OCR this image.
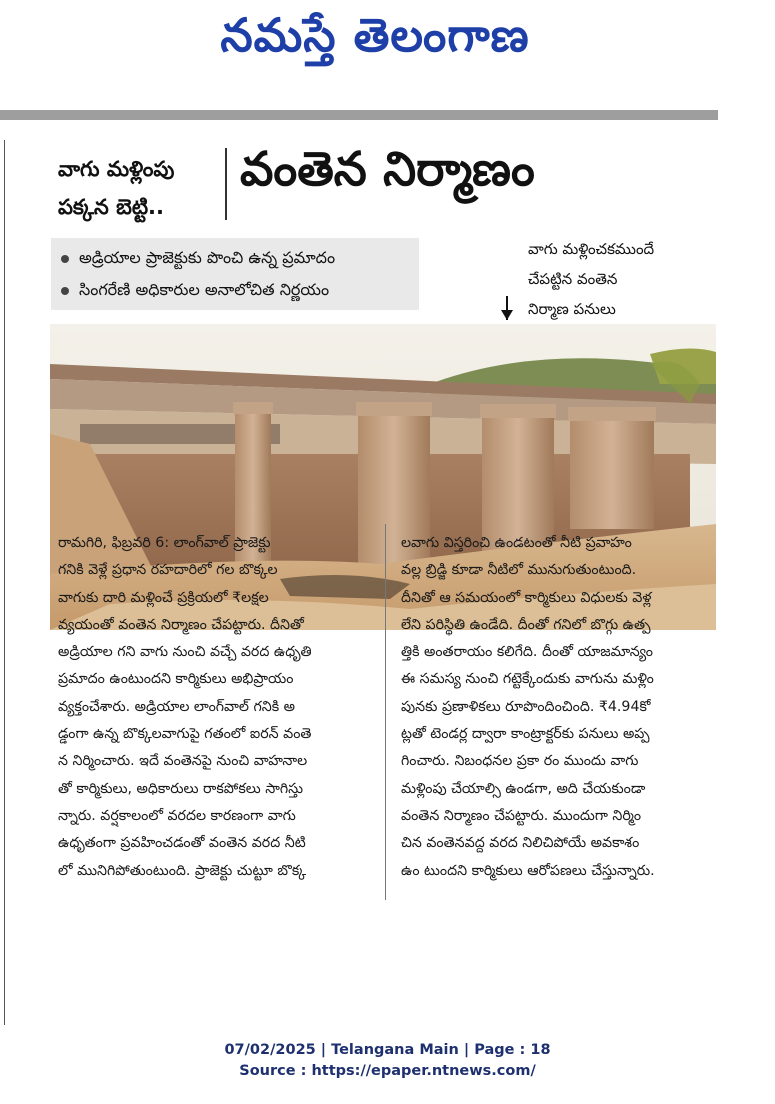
నమస్తే తెలంగాణ
వాగు మళ్లింపు
పక్కన బెట్టి..
వంతెన నిర్మాణం
అడ్రియాల ప్రాజెక్టుకు పొంచి ఉన్న ప్రమాదం
సింగరేణి అధికారుల అనాలోచిత నిర్ణయం
వాగు మళ్లించకముందే
చేపట్టిన వంతెన
నిర్మాణ పనులు

రామగిరి, ఫిబ్రవరి 6: లాంగ్‌వాల్ ప్రాజెక్టు

గనికి వెళ్లే ప్రధాన రహదారిలో గల బొక్కల

వాగుకు దారి మళ్లించే ప్రక్రియలో ₹లక్షల

వ్యయంతో వంతెన నిర్మాణం చేపట్టారు. దీనితో

అడ్రియాల గని వాగు నుంచి వచ్చే వరద ఉధృతి

ప్రమాదం ఉంటుందని కార్మికులు అభిప్రాయం

వ్యక్తంచేశారు. అడ్రియాల లాంగ్‌వాల్ గనికి అ

డ్డంగా ఉన్న బొక్కలవాగుపై గతంలో ఐరన్ వంతె

న నిర్మించారు. ఇదే వంతెనపై నుంచి వాహనాల

తో కార్మికులు, అధికారులు రాకపోకలు సాగిస్తు

న్నారు. వర్షకాలంలో వరదల కారణంగా వాగు

ఉధృతంగా ప్రవహించడంతో వంతెన వరద నీటి

లో మునిగిపోతుంటుంది. ప్రాజెక్టు చుట్టూ బొక్క

లవాగు విస్తరించి ఉండటంతో నీటి ప్రవాహం

వల్ల బ్రిడ్జి కూడా నీటిలో మునుగుతుంటుంది.

దీనితో ఆ సమయంలో కార్మికులు విధులకు వెళ్ల

లేని పరిస్థితి ఉండేది. దీంతో గనిలో బొగ్గు ఉత్ప

త్తికి అంతరాయం కలిగేది. దీంతో యాజమాన్యం

ఈ సమస్య నుంచి గట్టెక్కేందుకు వాగును మళ్లిం

పునకు ప్రణాళికలు రూపొందించింది. ₹4.94కో

ట్లతో టెండర్ల ద్వారా కాంట్రాక్టర్‌కు పనులు అప్ప

గించారు. నిబంధనల ప్రకా రం ముందు వాగు

మళ్లింపు చేయాల్సి ఉండగా, అది చేయకుండా

వంతెన నిర్మాణం చేపట్టారు. ముందుగా నిర్మిం

చిన వంతెనవద్ద వరద నిలిచిపోయే అవకాశం

ఉం టుందని కార్మికులు ఆరోపణలు చేస్తున్నారు.

07/02/2025 | Telangana Main | Page : 18
Source : https://epaper.ntnews.com/
